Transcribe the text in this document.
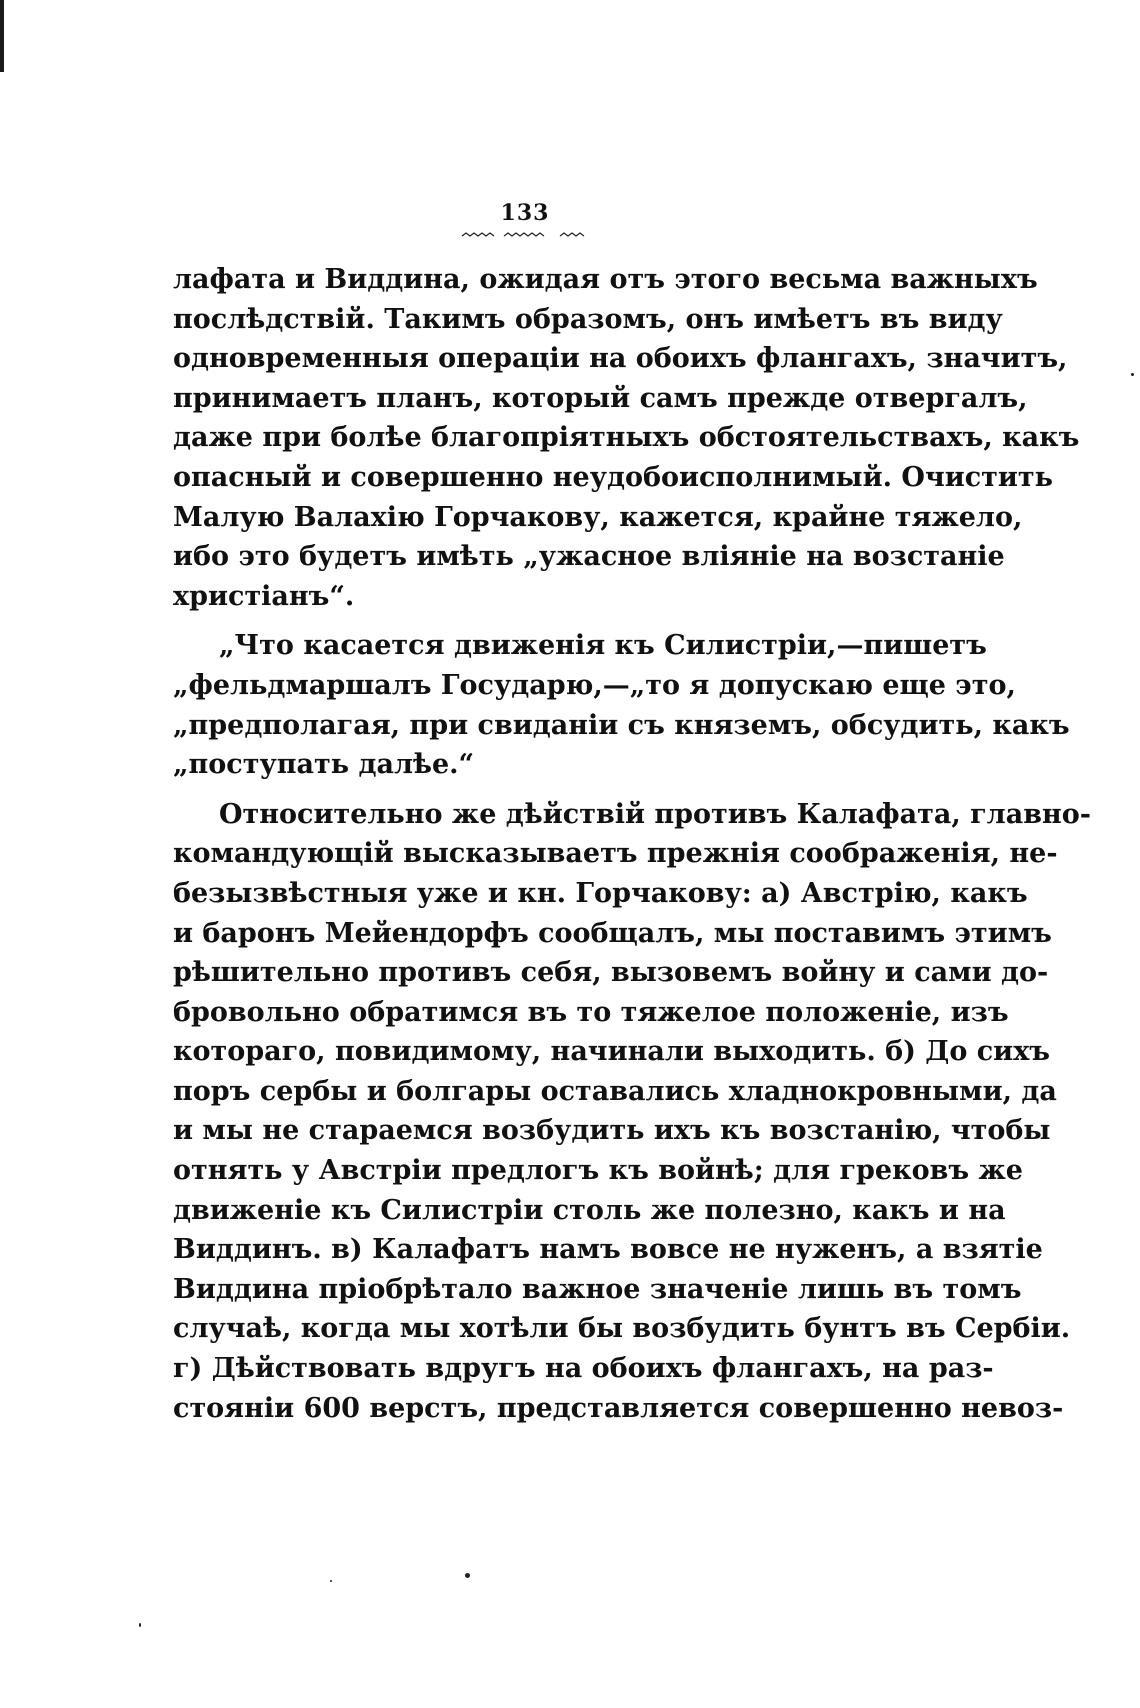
133
лафата и Виддина, ожидая отъ этого весьма важныхъ
послѣдствій. Такимъ образомъ, онъ имѣетъ въ виду
одновременныя операціи на обоихъ флангахъ, значитъ,
принимаетъ планъ, который самъ прежде отвергалъ,
даже при болѣе благопріятныхъ обстоятельствахъ, какъ
опасный и совершенно неудобоисполнимый. Очистить
Малую Валахію Горчакову, кажется, крайне тяжело,
ибо это будетъ имѣть „ужасное вліяніе на возстаніе
христіанъ“.
„Что касается движенія къ Силистріи,—пишетъ
„фельдмаршалъ Государю,—„то я допускаю еще это,
„предполагая, при свиданіи съ княземъ, обсудить, какъ
„поступать далѣе.“
Относительно же дѣйствій противъ Калафата, главно-
командующій высказываетъ прежнія соображенія, не-
безызвѣстныя уже и кн. Горчакову: а) Австрію, какъ
и баронъ Мейендорфъ сообщалъ, мы поставимъ этимъ
рѣшительно противъ себя, вызовемъ войну и сами до-
бровольно обратимся въ то тяжелое положеніе, изъ
котораго, повидимому, начинали выходить. б) До сихъ
поръ сербы и болгары оставались хладнокровными, да
и мы не стараемся возбудить ихъ къ возстанію, чтобы
отнять у Австріи предлогъ къ войнѣ; для грековъ же
движеніе къ Силистріи столь же полезно, какъ и на
Виддинъ. в) Калафатъ намъ вовсе не нуженъ, а взятіе
Виддина пріобрѣтало важное значеніе лишь въ томъ
случаѣ, когда мы хотѣли бы возбудить бунтъ въ Сербіи.
г) Дѣйствовать вдругъ на обоихъ флангахъ, на раз-
стояніи 600 верстъ, представляется совершенно невоз-
